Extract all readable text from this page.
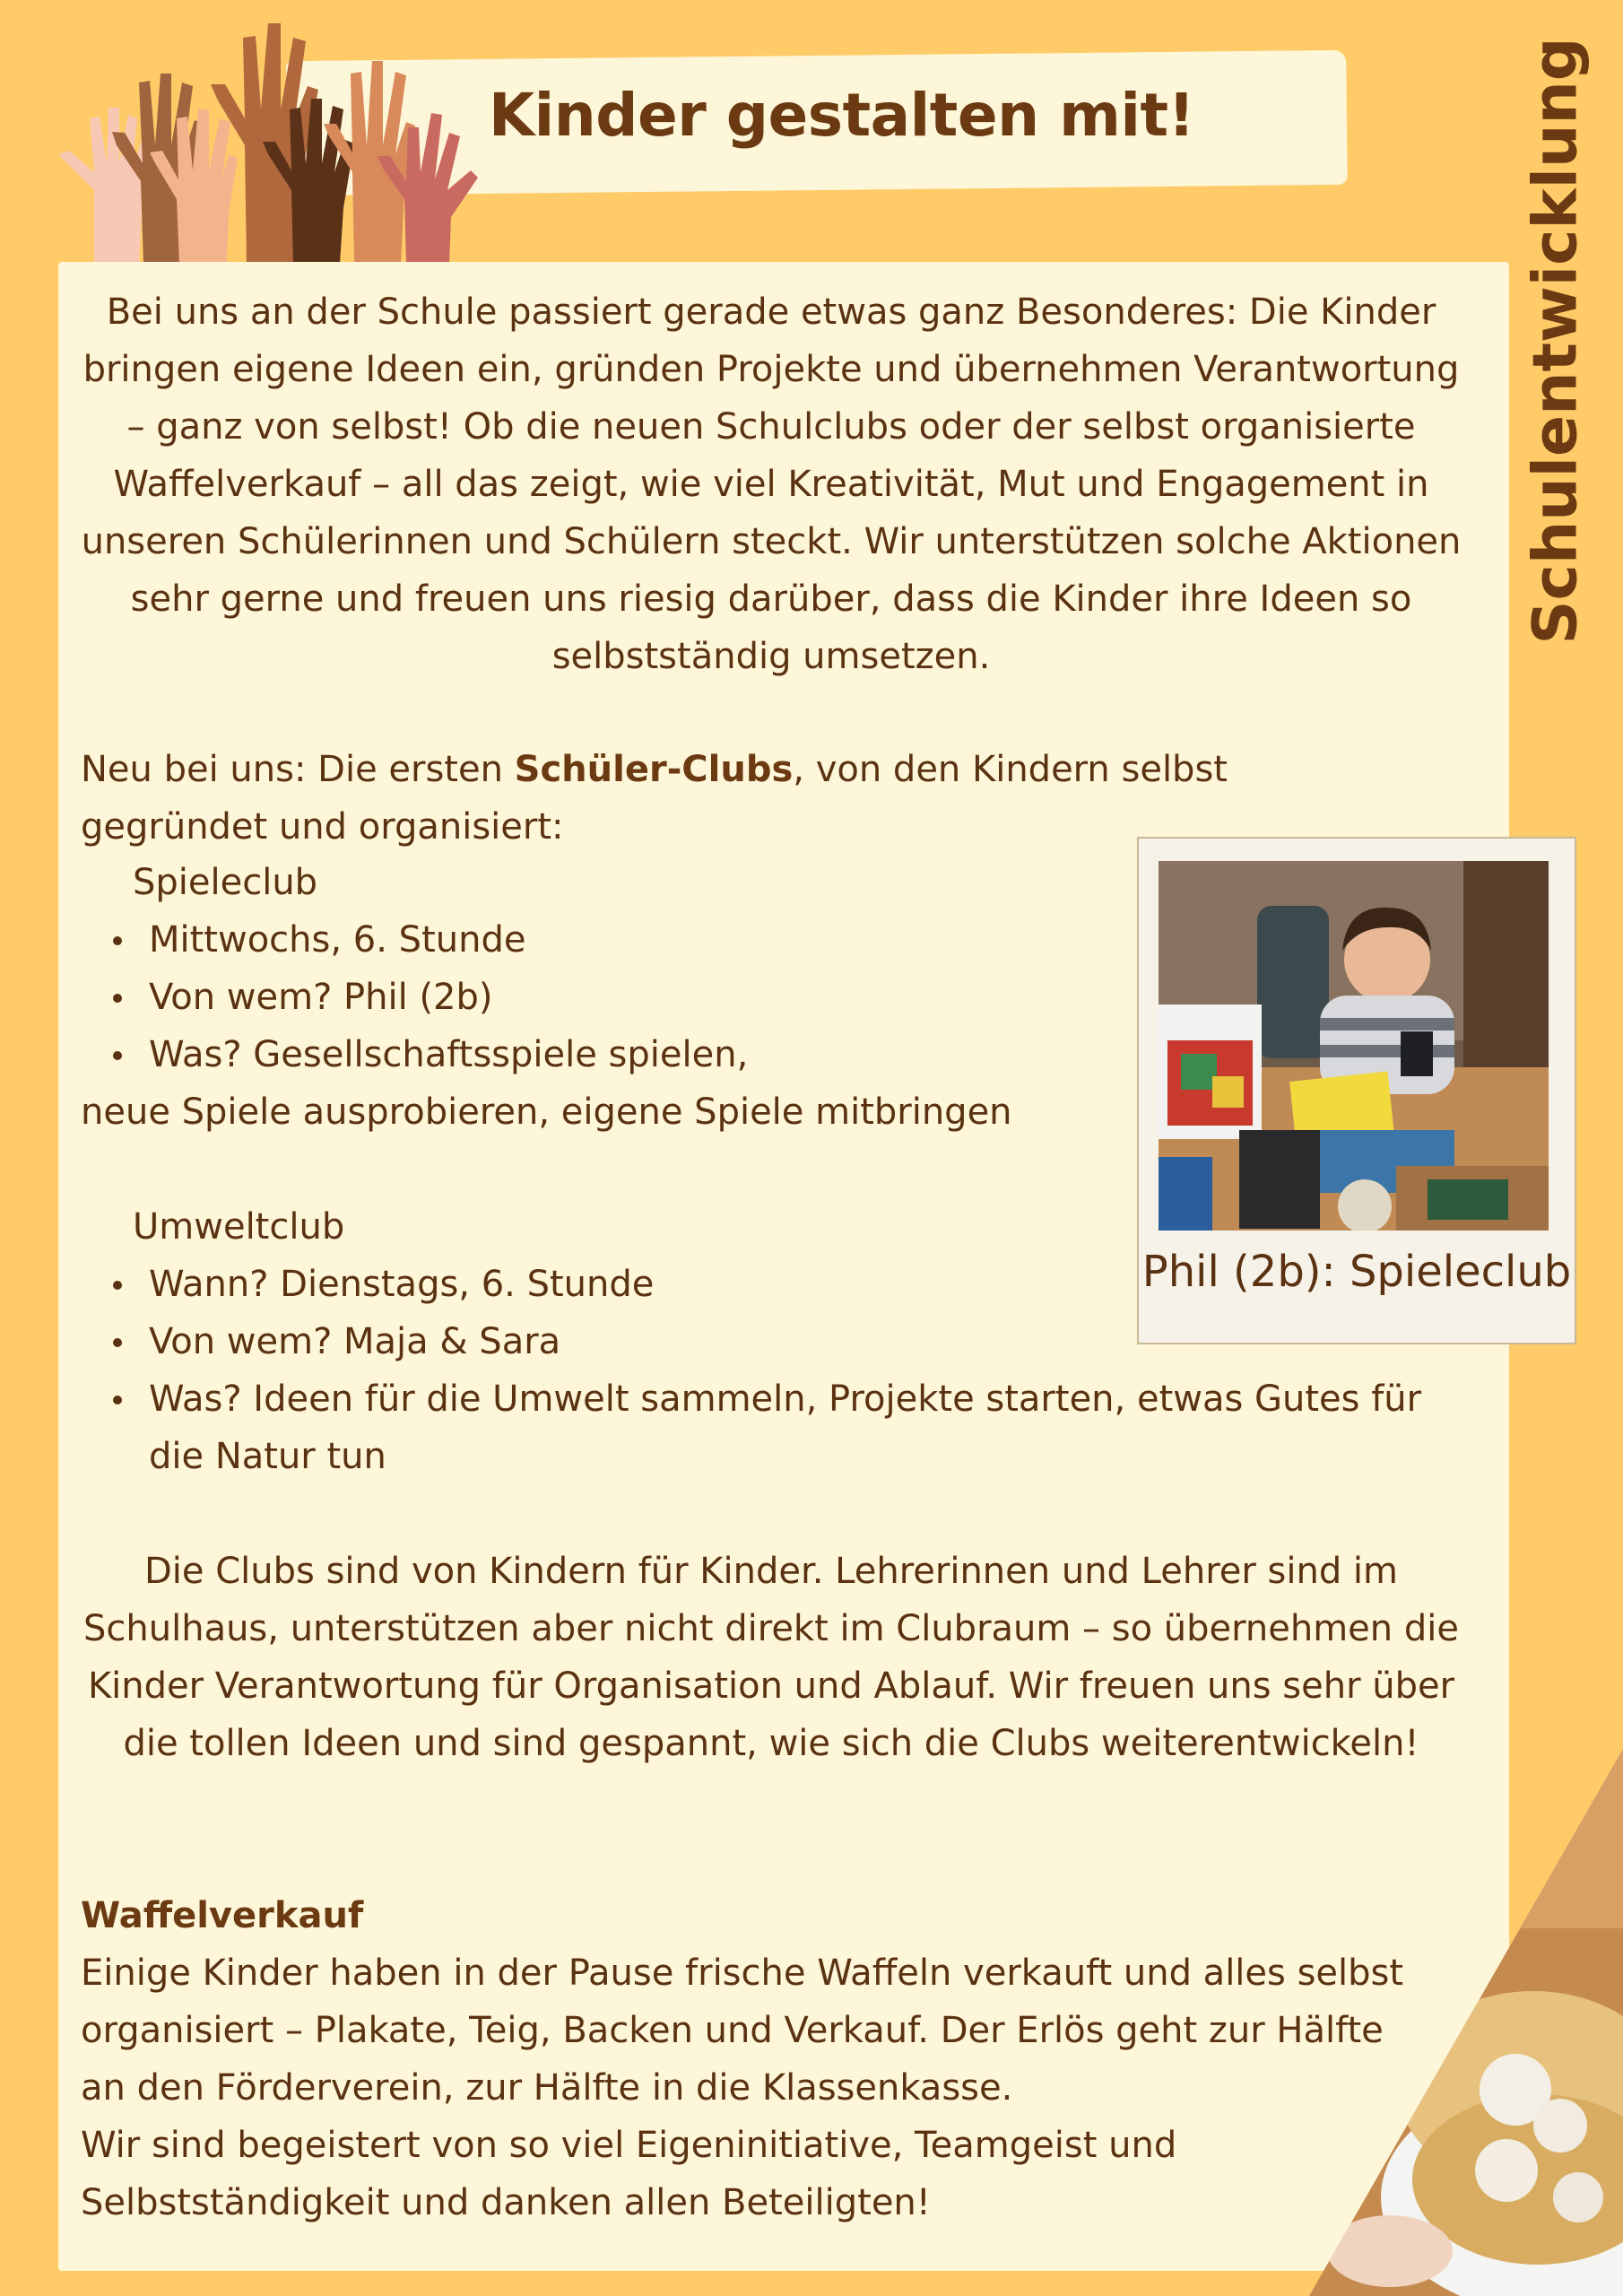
Kinder gestalten mit!	Schulentwicklung
Bei uns an der Schule passiert gerade etwas ganz Besonderes: Die Kinder bringen eigene Ideen ein, gründen Projekte und übernehmen Verantwortung – ganz von selbst! Ob die neuen Schulclubs oder der selbst organisierte Waffelverkauf – all das zeigt, wie viel Kreativität, Mut und Engagement in unseren Schülerinnen und Schülern steckt. Wir unterstützen solche Aktionen sehr gerne und freuen uns riesig darüber, dass die Kinder ihre Ideen so selbstständig umsetzen.
Neu bei uns: Die ersten Schüler-Clubs, von den Kindern selbst gegründet und organisiert:
Spieleclub
Mittwochs, 6. Stunde
Von wem? Phil (2b)
Was? Gesellschaftsspiele spielen,
neue Spiele ausprobieren, eigene Spiele mitbringen
Umweltclub
Wann? Dienstags, 6. Stunde
Von wem? Maja & Sara
Was? Ideen für die Umwelt sammeln, Projekte starten, etwas Gutes für die Natur tun
Die Clubs sind von Kindern für Kinder. Lehrerinnen und Lehrer sind im Schulhaus, unterstützen aber nicht direkt im Clubraum – so übernehmen die Kinder Verantwortung für Organisation und Ablauf. Wir freuen uns sehr über die tollen Ideen und sind gespannt, wie sich die Clubs weiterentwickeln!
Waffelverkauf
Einige Kinder haben in der Pause frische Waffeln verkauft und alles selbst organisiert – Plakate, Teig, Backen und Verkauf. Der Erlös geht zur Hälfte an den Förderverein, zur Hälfte in die Klassenkasse.
Wir sind begeistert von so viel Eigeninitiative, Teamgeist und Selbstständigkeit und danken allen Beteiligten!
Phil (2b): Spieleclub
